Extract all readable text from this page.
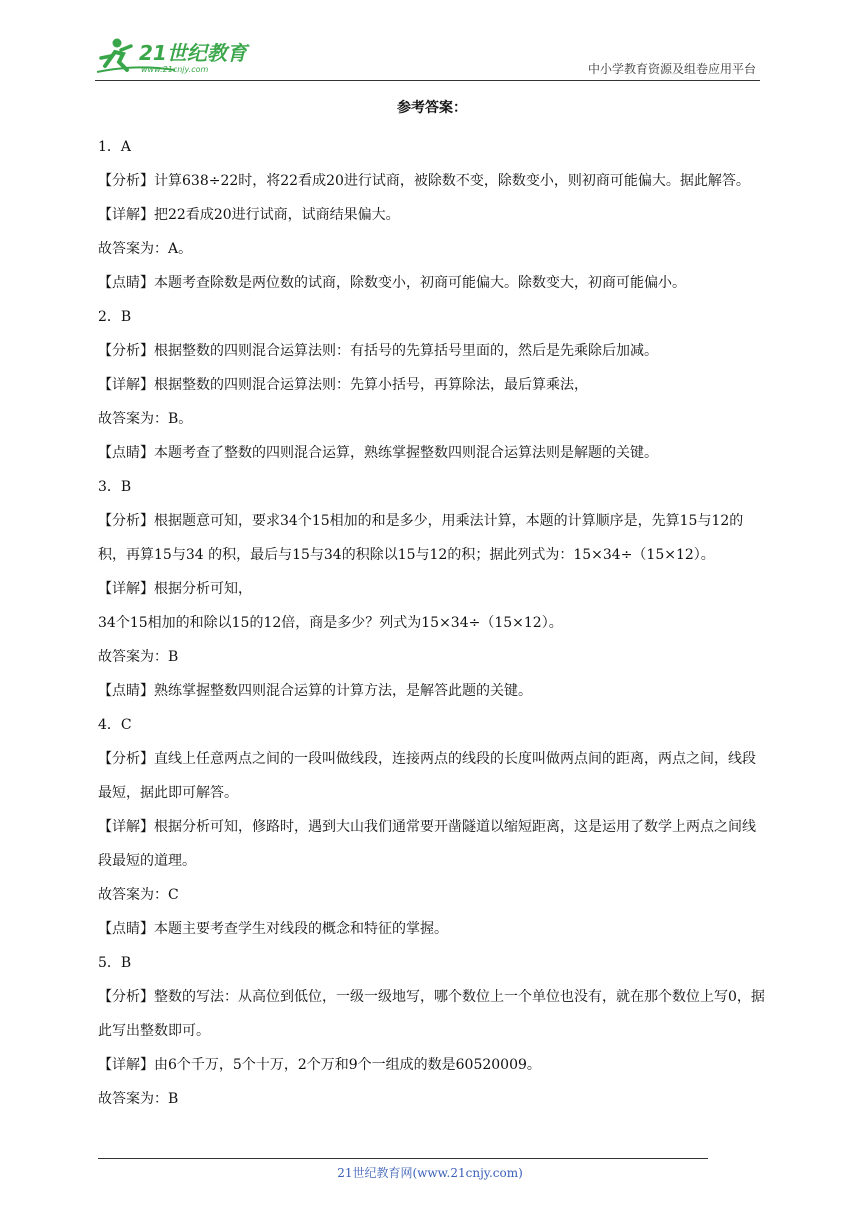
21世纪教育
www.21cnjy.com	中小学教育资源及组卷应用平台
参考答案：

1．A

【分析】计算638÷22时，将22看成20进行试商，被除数不变，除数变小，则初商可能偏大。据此解答。

【详解】把22看成20进行试商，试商结果偏大。

故答案为：A。

【点睛】本题考查除数是两位数的试商，除数变小，初商可能偏大。除数变大，初商可能偏小。

2．B

【分析】根据整数的四则混合运算法则：有括号的先算括号里面的，然后是先乘除后加减。

【详解】根据整数的四则混合运算法则：先算小括号，再算除法，最后算乘法，

故答案为：B。

【点睛】本题考查了整数的四则混合运算，熟练掌握整数四则混合运算法则是解题的关键。

3．B

【分析】根据题意可知，要求34个15相加的和是多少，用乘法计算，本题的计算顺序是，先算15与12的积，再算15与34 的积，最后与15与34的积除以15与12的积；据此列式为：15×34÷（15×12）。

【详解】根据分析可知，

34个15相加的和除以15的12倍，商是多少？列式为15×34÷（15×12）。

故答案为：B

【点睛】熟练掌握整数四则混合运算的计算方法，是解答此题的关键。

4．C

【分析】直线上任意两点之间的一段叫做线段，连接两点的线段的长度叫做两点间的距离，两点之间，线段最短，据此即可解答。

【详解】根据分析可知，修路时，遇到大山我们通常要开凿隧道以缩短距离，这是运用了数学上两点之间线段最短的道理。

故答案为：C

【点睛】本题主要考查学生对线段的概念和特征的掌握。

5．B

【分析】整数的写法：从高位到低位，一级一级地写，哪个数位上一个单位也没有，就在那个数位上写0，据此写出整数即可。

【详解】由6个千万，5个十万，2个万和9个一组成的数是60520009。

故答案为：B

21世纪教育网(www.21cnjy.com)
